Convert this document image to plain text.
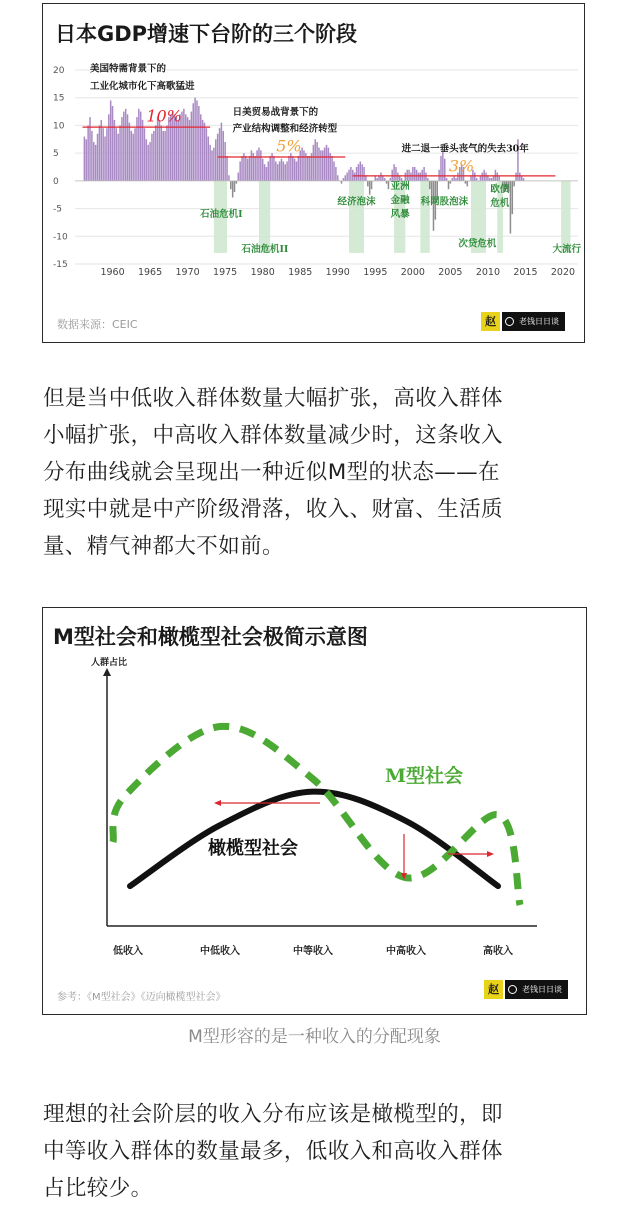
日本GDP增速下台阶的三个阶段
20
15
10
5
0
-5
-10
-15
1960 1965 1970 1975 1980 1985 1990 1995 2000 2005 2010 2015 2020
美国特需背景下的
工业化城市化下高歌猛进
10%	日美贸易战背景下的
产业结构调整和经济转型
5%	进二退一垂头丧气的失去30年
3%
石油危机I
石油危机II
经济泡沫
亚洲
金融
风暴
科网股泡沫
次贷危机
欧债
危机
大流行
数据来源：CEIC	赵	老钱日日谈
但是当中低收入群体数量大幅扩张，高收入群体
小幅扩张，中高收入群体数量减少时，这条收入
分布曲线就会呈现出一种近似M型的状态——在
现实中就是中产阶级滑落，收入、财富、生活质
量、精气神都大不如前。
M型社会和橄榄型社会极简示意图
人群占比
低收入	中低收入	中等收入	中高收入	高收入
橄榄型社会
M型社会
参考：《M型社会》《迈向橄榄型社会》
赵	老钱日日谈
M型形容的是一种收入的分配现象
理想的社会阶层的收入分布应该是橄榄型的，即
中等收入群体的数量最多，低收入和高收入群体
占比较少。
